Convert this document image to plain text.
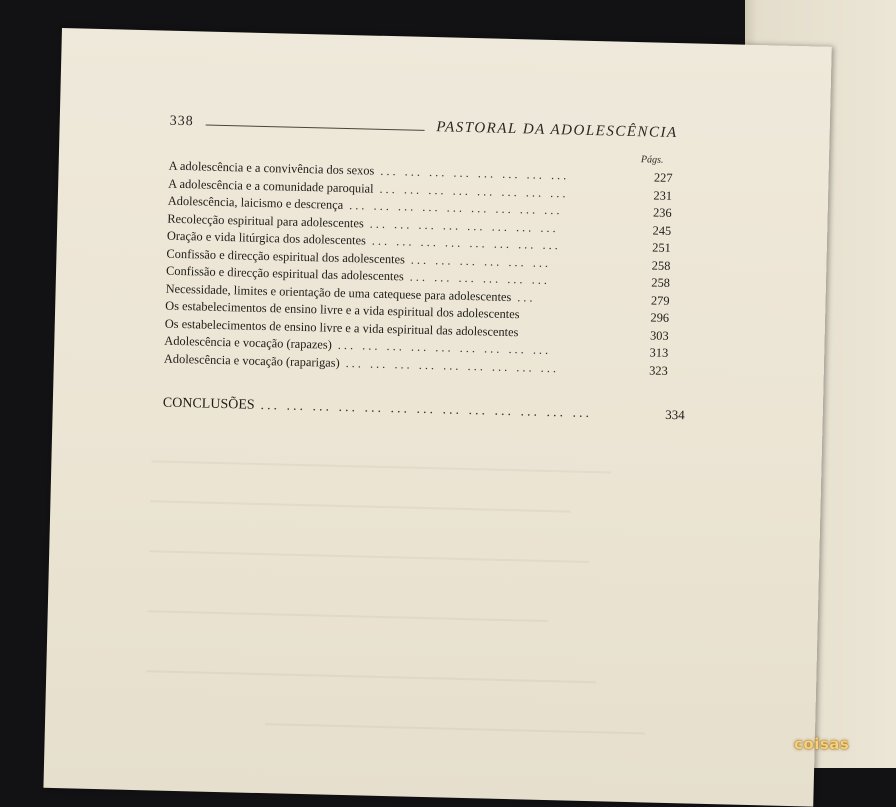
338	PASTORAL DA ADOLESCÊNCIA
Págs.
A adolescência e a convivência dos sexos ... ... ... ... ... ... ... ...	227
A adolescência e a comunidade paroquial ... ... ... ... ... ... ... ...	231
Adolescência, laicismo e descrença ... ... ... ... ... ... ... ... ...	236
Recolecção espiritual para adolescentes ... ... ... ... ... ... ... ...	245
Oração e vida litúrgica dos adolescentes ... ... ... ... ... ... ... ...	251
Confissão e direcção espiritual dos adolescentes ... ... ... ... ... ...	258
Confissão e direcção espiritual das adolescentes ... ... ... ... ... ...	258
Necessidade, limites e orientação de uma catequese para adolescentes ...	279
Os estabelecimentos de ensino livre e a vida espiritual dos adolescentes	296
Os estabelecimentos de ensino livre e a vida espiritual das adolescentes	303
Adolescência e vocação (rapazes) ... ... ... ... ... ... ... ... ...	313
Adolescência e vocação (raparigas) ... ... ... ... ... ... ... ... ...	323
CONCLUSÕES ... ... ... ... ... ... ... ... ... ... ... ... ...	334
coisas
